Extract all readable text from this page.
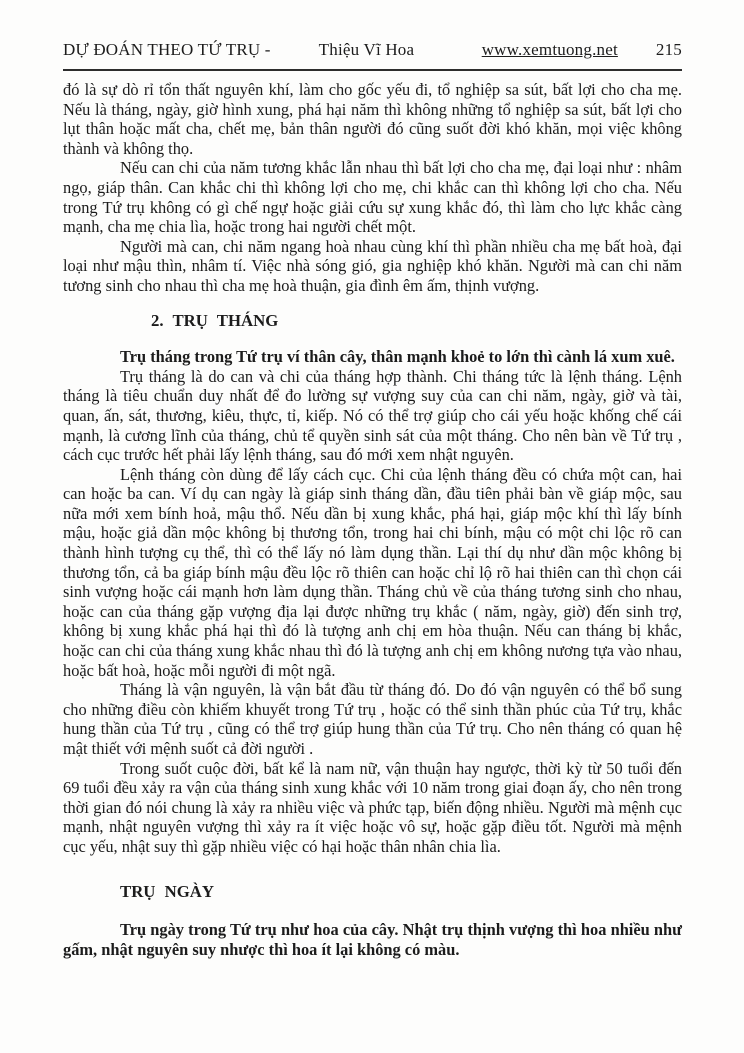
DỰ ĐOÁN THEO TỨ TRỤ -	Thiệu Vĩ Hoa	www.xemtuong.net 215

đó là sự dò rỉ tổn thất nguyên khí, làm cho gốc yếu đi, tổ nghiệp sa sút, bất lợi cho cha mẹ. Nếu là tháng, ngày, giờ hình xung, phá hại năm thì không những tổ nghiệp sa sút, bất lợi cho lụt thân hoặc mất cha, chết mẹ, bản thân người đó cũng suốt đời khó khăn, mọi việc không thành và không thọ.

Nếu can chi của năm tương khắc lẫn nhau thì bất lợi cho cha mẹ, đại loại như : nhâm ngọ, giáp thân. Can khắc chi thì không lợi cho mẹ, chi khắc can thì không lợi cho cha. Nếu trong Tứ trụ không có gì chế ngự hoặc giải cứu sự xung khắc đó, thì làm cho lực khắc càng mạnh, cha mẹ chia lìa, hoặc trong hai người chết một.

Người mà can, chi năm ngang hoà nhau cùng khí thì phần nhiều cha mẹ bất hoà, đại loại như mậu thìn, nhâm tí. Việc nhà sóng gió, gia nghiệp khó khăn. Người mà can chi năm tương sinh cho nhau thì cha mẹ hoà thuận, gia đình êm ấm, thịnh vượng.

2. TRỤ THÁNG

Trụ tháng trong Tứ trụ ví thân cây, thân mạnh khoẻ to lớn thì cành lá xum xuê.

Trụ tháng là do can và chi của tháng hợp thành. Chi tháng tức là lệnh tháng. Lệnh tháng là tiêu chuẩn duy nhất để đo lường sự vượng suy của can chi năm, ngày, giờ và tài, quan, ấn, sát, thương, kiêu, thực, tỉ, kiếp. Nó có thể trợ giúp cho cái yếu hoặc khống chế cái mạnh, là cương lĩnh của tháng, chủ tể quyền sinh sát của một tháng. Cho nên bàn về Tứ trụ , cách cục trước hết phải lấy lệnh tháng, sau đó mới xem nhật nguyên.

Lệnh tháng còn dùng để lấy cách cục. Chi của lệnh tháng đều có chứa một can, hai can hoặc ba can. Ví dụ can ngày là giáp sinh tháng dần, đầu tiên phải bàn về giáp mộc, sau nữa mới xem bính hoả, mậu thổ. Nếu dần bị xung khắc, phá hại, giáp mộc khí thì lấy bính mậu, hoặc giả dần mộc không bị thương tổn, trong hai chi bính, mậu có một chi lộc rõ can thành hình tượng cụ thể, thì có thể lấy nó làm dụng thần. Lại thí dụ như dần mộc không bị thương tổn, cả ba giáp bính mậu đều lộc rõ thiên can hoặc chỉ lộ rõ hai thiên can thì chọn cái sinh vượng hoặc cái mạnh hơn làm dụng thần. Tháng chủ về của tháng tương sinh cho nhau, hoặc can của tháng gặp vượng địa lại được những trụ khắc ( năm, ngày, giờ) đến sinh trợ, không bị xung khắc phá hại thì đó là tượng anh chị em hòa thuận. Nếu can tháng bị khắc, hoặc can chi của tháng xung khắc nhau thì đó là tượng anh chị em không nương tựa vào nhau, hoặc bất hoà, hoặc mỗi người đi một ngã.

Tháng là vận nguyên, là vận bắt đầu từ tháng đó. Do đó vận nguyên có thể bổ sung cho những điều còn khiếm khuyết trong Tứ trụ , hoặc có thể sinh thần phúc của Tứ trụ, khắc hung thần của Tứ trụ , cũng có thể trợ giúp hung thần của Tứ trụ. Cho nên tháng có quan hệ mật thiết với mệnh suốt cả đời người .

Trong suốt cuộc đời, bất kể là nam nữ, vận thuận hay ngược, thời kỳ từ 50 tuổi đến 69 tuổi đều xảy ra vận của tháng sinh xung khắc với 10 năm trong giai đoạn ấy, cho nên trong thời gian đó nói chung là xảy ra nhiều việc và phức tạp, biến động nhiều. Người mà mệnh cục mạnh, nhật nguyên vượng thì xảy ra ít việc hoặc vô sự, hoặc gặp điều tốt. Người mà mệnh cục yếu, nhật suy thì gặp nhiều việc có hại hoặc thân nhân chia lìa.

TRỤ NGÀY

Trụ ngày trong Tứ trụ như hoa của cây. Nhật trụ thịnh vượng thì hoa nhiều như gấm, nhật nguyên suy nhược thì hoa ít lại không có màu.
